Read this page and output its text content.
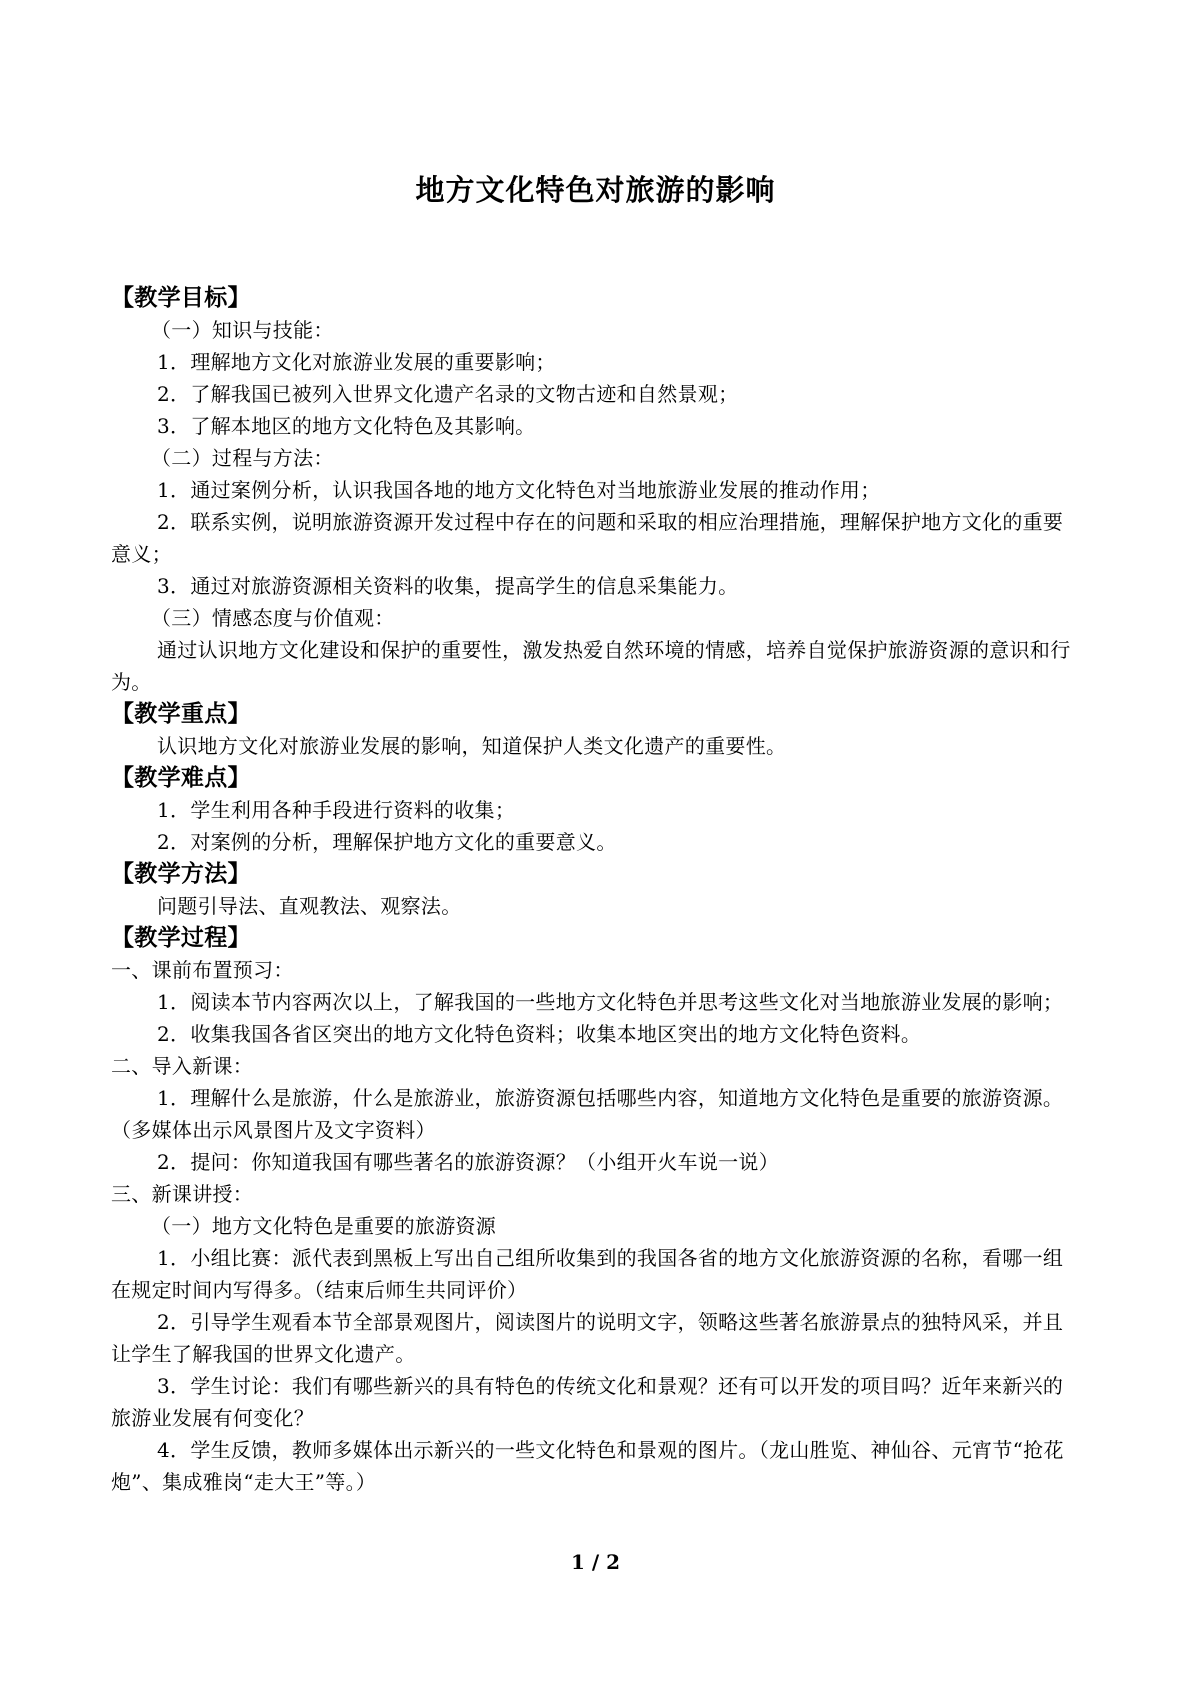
地方文化特色对旅游的影响
【教学目标】
（一）知识与技能：
1．理解地方文化对旅游业发展的重要影响；
2．了解我国已被列入世界文化遗产名录的文物古迹和自然景观；
3．了解本地区的地方文化特色及其影响。
（二）过程与方法：
1．通过案例分析，认识我国各地的地方文化特色对当地旅游业发展的推动作用；
2．联系实例，说明旅游资源开发过程中存在的问题和采取的相应治理措施，理解保护地方文化的重要意义；
3．通过对旅游资源相关资料的收集，提高学生的信息采集能力。
（三）情感态度与价值观：
通过认识地方文化建设和保护的重要性，激发热爱自然环境的情感，培养自觉保护旅游资源的意识和行为。
【教学重点】
认识地方文化对旅游业发展的影响，知道保护人类文化遗产的重要性。
【教学难点】
1．学生利用各种手段进行资料的收集；
2．对案例的分析，理解保护地方文化的重要意义。
【教学方法】
问题引导法、直观教法、观察法。
【教学过程】
一、课前布置预习：
1．阅读本节内容两次以上，了解我国的一些地方文化特色并思考这些文化对当地旅游业发展的影响；
2．收集我国各省区突出的地方文化特色资料；收集本地区突出的地方文化特色资料。
二、导入新课：
1．理解什么是旅游，什么是旅游业，旅游资源包括哪些内容，知道地方文化特色是重要的旅游资源。（多媒体出示风景图片及文字资料）
2．提问：你知道我国有哪些著名的旅游资源？（小组开火车说一说）
三、新课讲授：
（一）地方文化特色是重要的旅游资源
1．小组比赛：派代表到黑板上写出自己组所收集到的我国各省的地方文化旅游资源的名称，看哪一组在规定时间内写得多。（结束后师生共同评价）
2．引导学生观看本节全部景观图片，阅读图片的说明文字，领略这些著名旅游景点的独特风采，并且让学生了解我国的世界文化遗产。
3．学生讨论：我们有哪些新兴的具有特色的传统文化和景观？还有可以开发的项目吗？近年来新兴的旅游业发展有何变化？
4．学生反馈，教师多媒体出示新兴的一些文化特色和景观的图片。（龙山胜览、神仙谷、元宵节“抢花炮”、集成雅岗“走大王”等。）
1 / 2
